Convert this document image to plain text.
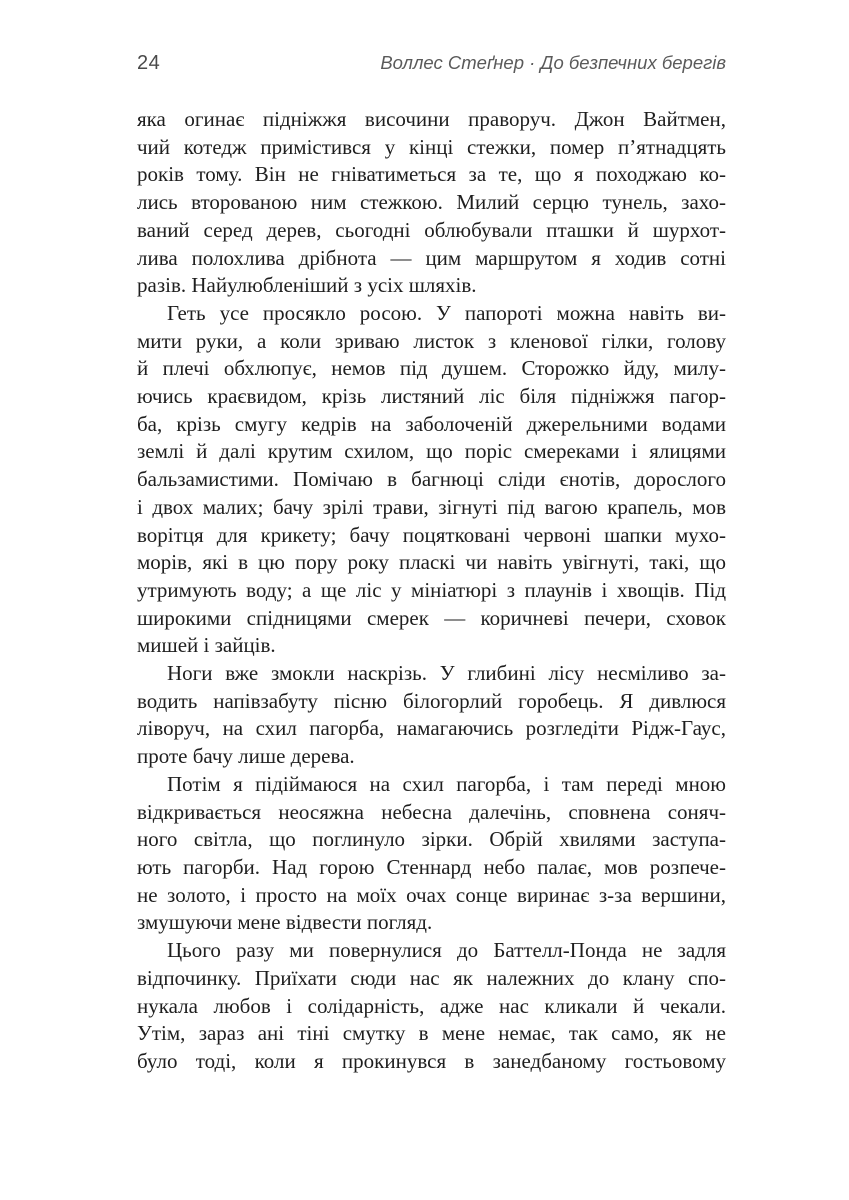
24	Воллес Стеґнер · До безпечних берегів
яка огинає підніжжя височини праворуч. Джон Вайтмен,
чий котедж примістився у кінці стежки, помер п’ятнадцять
років тому. Він не гніватиметься за те, що я походжаю ко-
лись второваною ним стежкою. Милий серцю тунель, захо-
ваний серед дерев, сьогодні облюбували пташки й шурхот-
лива полохлива дрібнота — цим маршрутом я ходив сотні
разів. Найулюбленіший з усіх шляхів.
Геть усе просякло росою. У папороті можна навіть ви-
мити руки, а коли зриваю листок з кленової гілки, голову
й плечі обхлюпує, немов під душем. Сторожко йду, милу-
ючись краєвидом, крізь листяний ліс біля підніжжя пагор-
ба, крізь смугу кедрів на заболоченій джерельними водами
землі й далі крутим схилом, що поріс смереками і ялицями
бальзамистими. Помічаю в багнюці сліди єнотів, дорослого
і двох малих; бачу зрілі трави, зігнуті під вагою крапель, мов
ворітця для крикету; бачу поцятковані червоні шапки мухо-
морів, які в цю пору року пласкі чи навіть увігнуті, такі, що
утримують воду; а ще ліс у мініатюрі з плаунів і хвощів. Під
широкими спідницями смерек — коричневі печери, сховок
мишей і зайців.
Ноги вже змокли наскрізь. У глибині лісу несміливо за-
водить напівзабуту пісню білогорлий горобець. Я дивлюся
ліворуч, на схил пагорба, намагаючись розгледіти Рідж-Гаус,
проте бачу лише дерева.
Потім я підіймаюся на схил пагорба, і там переді мною
відкривається неосяжна небесна далечінь, сповнена соняч-
ного світла, що поглинуло зірки. Обрій хвилями заступа-
ють пагорби. Над горою Стеннард небо палає, мов розпече-
не золото, і просто на моїх очах сонце виринає з-за вершини,
змушуючи мене відвести погляд.
Цього разу ми повернулися до Баттелл-Понда не задля
відпочинку. Приїхати сюди нас як належних до клану спо-
нукала любов і солідарність, адже нас кликали й чекали.
Утім, зараз ані тіні смутку в мене немає, так само, як не
було тоді, коли я прокинувся в занедбаному гостьовому
